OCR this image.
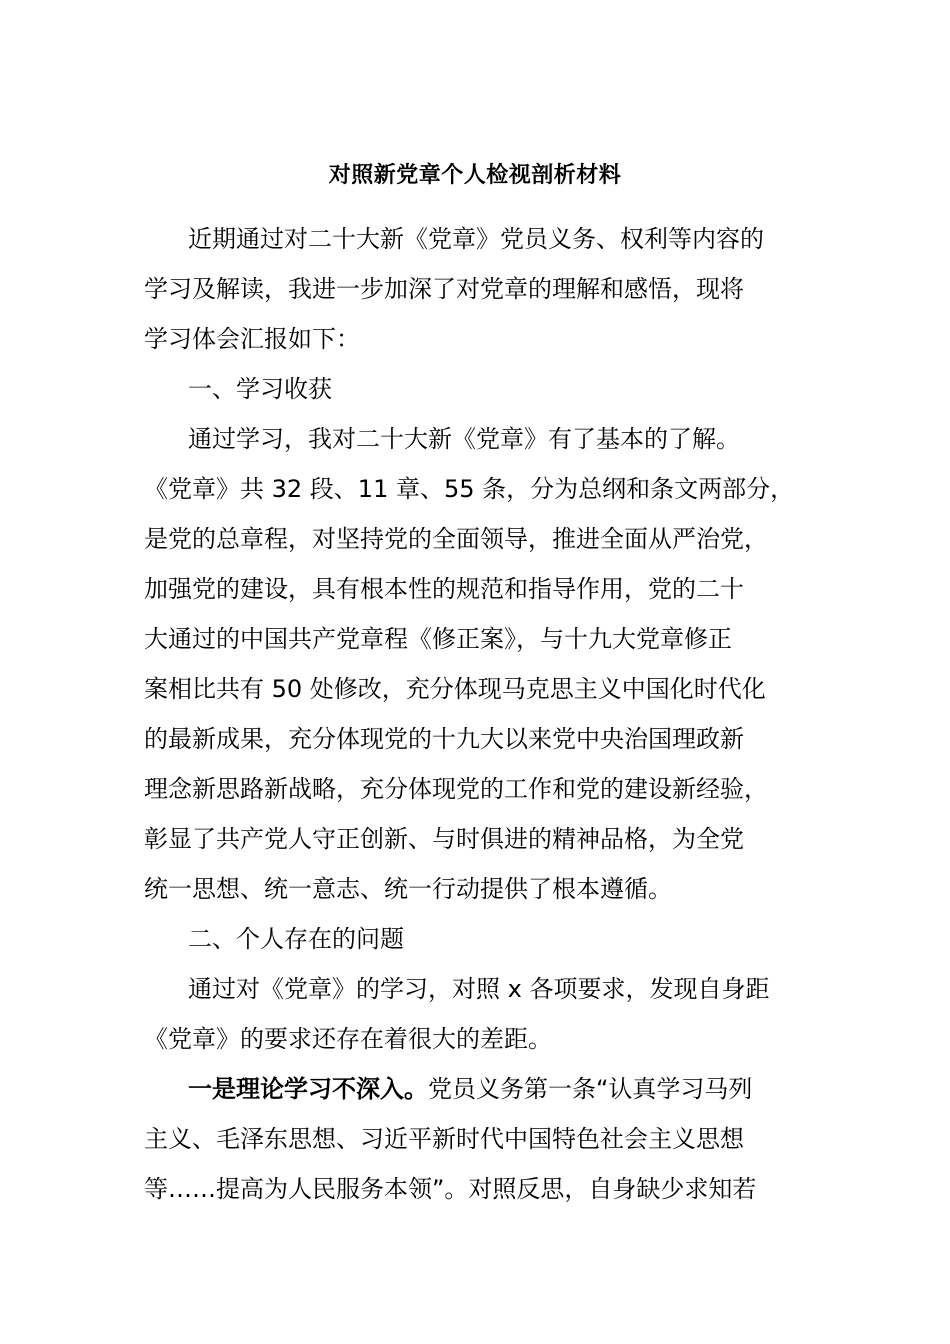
对照新党章个人检视剖析材料
近期通过对二十大新《党章》党员义务、权利等内容的
学习及解读，我进一步加深了对党章的理解和感悟，现将
学习体会汇报如下：
一、学习收获
通过学习，我对二十大新《党章》有了基本的了解。
《党章》共 32 段、11 章、55 条，分为总纲和条文两部分，
是党的总章程，对坚持党的全面领导，推进全面从严治党，
加强党的建设，具有根本性的规范和指导作用，党的二十
大通过的中国共产党章程《修正案》，与十九大党章修正
案相比共有 50 处修改，充分体现马克思主义中国化时代化
的最新成果，充分体现党的十九大以来党中央治国理政新
理念新思路新战略，充分体现党的工作和党的建设新经验，
彰显了共产党人守正创新、与时俱进的精神品格，为全党
统一思想、统一意志、统一行动提供了根本遵循。
二、个人存在的问题
通过对《党章》的学习，对照 x 各项要求，发现自身距
《党章》的要求还存在着很大的差距。
一是理论学习不深入。党员义务第一条“认真学习马列
主义、毛泽东思想、习近平新时代中国特色社会主义思想
等……提高为人民服务本领”。对照反思，自身缺少求知若
